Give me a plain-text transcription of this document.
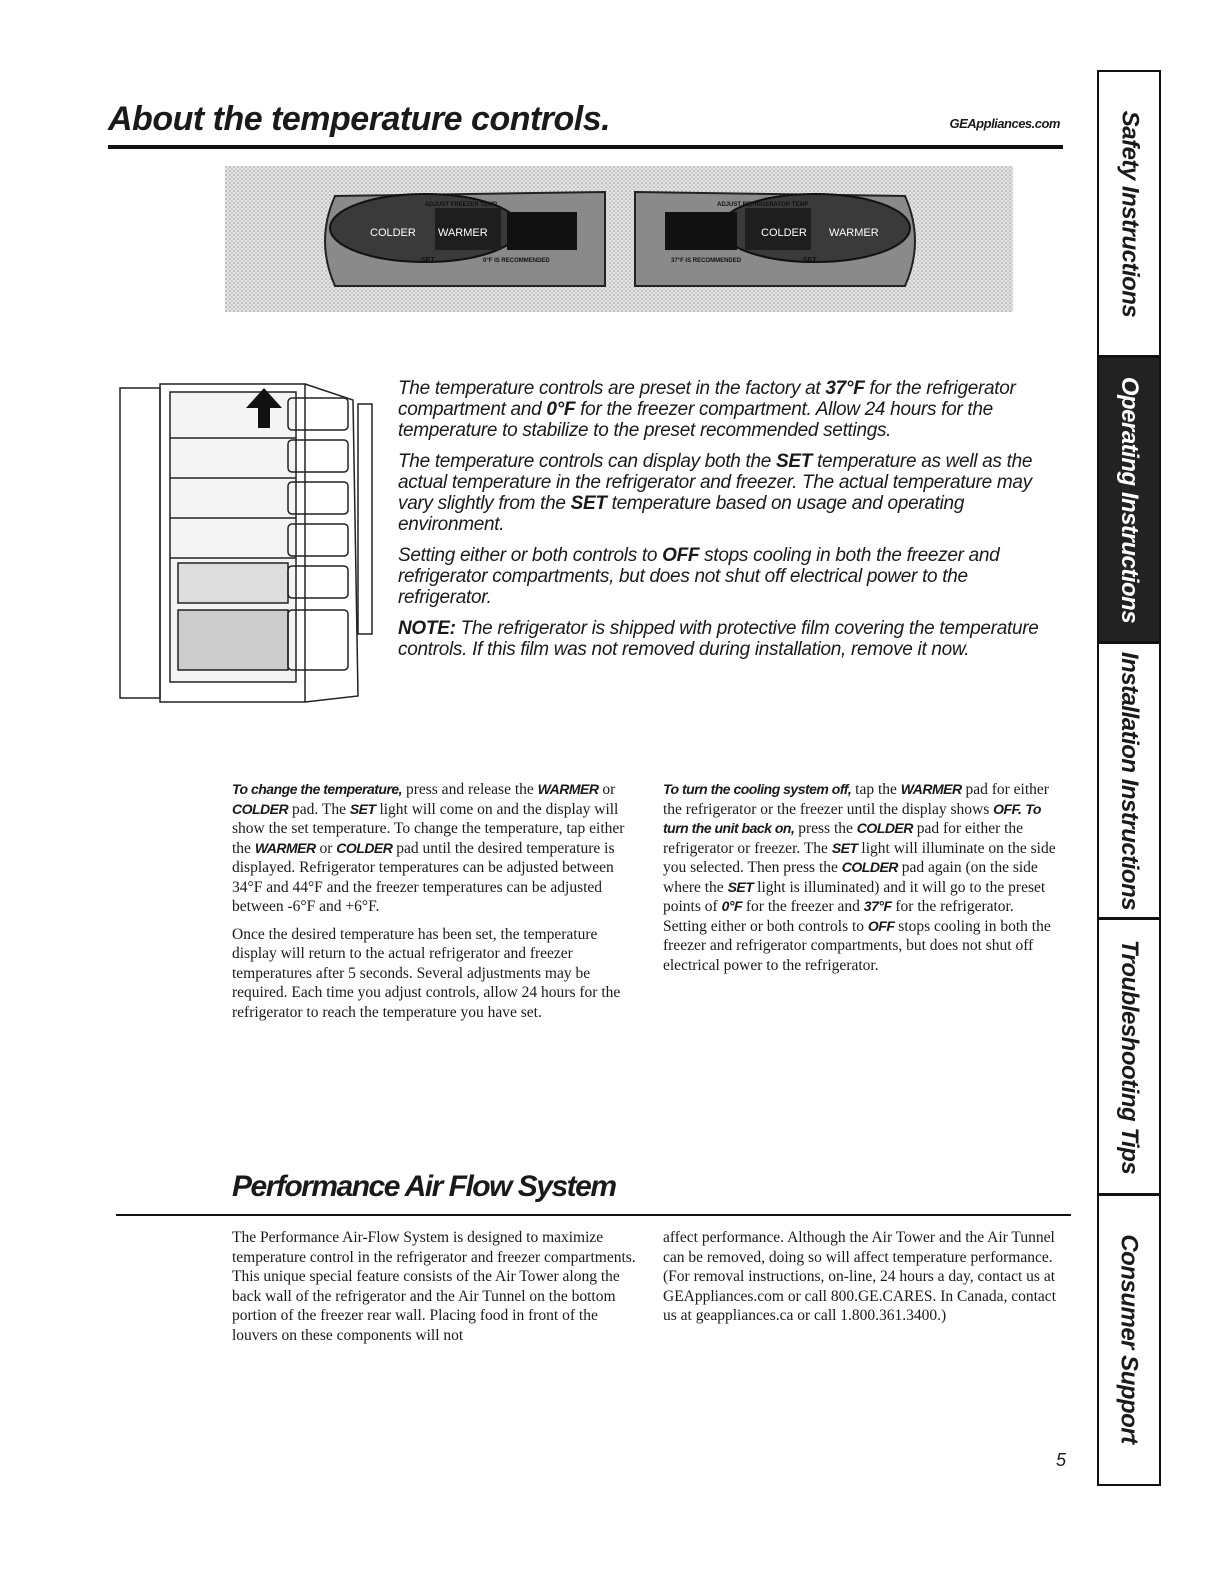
About the temperature controls.	GEAppliances.com
COLDER WARMER
ADJUST FREEZER TEMP
SET	0°F IS RECOMMENDED
COLDER WARMER
ADJUST REFRIGERATOR TEMP
37°F IS RECOMMENDED	SET

The temperature controls are preset in the factory at 37°F for the refrigerator compartment and 0°F for the freezer compartment. Allow 24 hours for the temperature to stabilize to the preset recommended settings.

The temperature controls can display both the SET temperature as well as the actual temperature in the refrigerator and freezer. The actual temperature may vary slightly from the SET temperature based on usage and operating environment.

Setting either or both controls to OFF stops cooling in both the freezer and refrigerator compartments, but does not shut off electrical power to the refrigerator.

NOTE: The refrigerator is shipped with protective film covering the temperature controls. If this film was not removed during installation, remove it now.

To change the temperature, press and release the WARMER or COLDER pad. The SET light will come on and the display will show the set temperature. To change the temperature, tap either the WARMER or COLDER pad until the desired temperature is displayed. Refrigerator temperatures can be adjusted between 34°F and 44°F and the freezer temperatures can be adjusted between -6°F and +6°F.

Once the desired temperature has been set, the temperature display will return to the actual refrigerator and freezer temperatures after 5 seconds. Several adjustments may be required. Each time you adjust controls, allow 24 hours for the refrigerator to reach the temperature you have set.

To turn the cooling system off, tap the WARMER pad for either the refrigerator or the freezer until the display shows OFF. To turn the unit back on, press the COLDER pad for either the refrigerator or freezer. The SET light will illuminate on the side you selected. Then press the COLDER pad again (on the side where the SET light is illuminated) and it will go to the preset points of 0°F for the freezer and 37°F for the refrigerator. Setting either or both controls to OFF stops cooling in both the freezer and refrigerator compartments, but does not shut off electrical power to the refrigerator.

Performance Air Flow System

The Performance Air-Flow System is designed to maximize temperature control in the refrigerator and freezer compartments. This unique special feature consists of the Air Tower along the back wall of the refrigerator and the Air Tunnel on the bottom portion of the freezer rear wall. Placing food in front of the louvers on these components will not

affect performance. Although the Air Tower and the Air Tunnel can be removed, doing so will affect temperature performance. (For removal instructions, on-line, 24 hours a day, contact us at GEAppliances.com or call 800.GE.CARES. In Canada, contact us at geappliances.ca or call 1.800.361.3400.)

5
Safety Instructions
Operating Instructions
Installation Instructions
Troubleshooting Tips
Consumer Support
